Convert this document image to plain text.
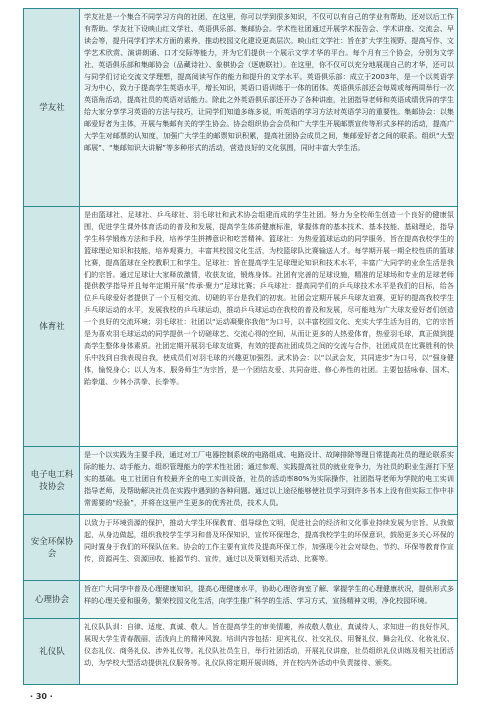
学友社	学友社是一个集合不同学习方向的社团，在这里，你可以学到很多知识，不仅可以有自己的学业有帮助，还对以后工作有帮助。学友社下设映山红文学社、英语俱乐部、集邮协会。学术性社团通过开展学术报告会、学术讲座、交流会、早读会等，提升同学们学术方面的素养，推动校园文化建设更高层次。映山红文学社：旨在扩大学生视野、提高写作、文学艺术欣赏、演讲朗诵、口才交际等能力，并为它们提供一个展示文学才华的平台。每个月有三个协会，分别为文学社、英语俱乐部和集邮协会（品藏诗社）、象棋协会（逐鹿联社）。在这里，你不仅可以充分地展现自己的才华，还可以与同学们讨论交流文学理想，提高阅读写作的能力和提升的文学水平。英语俱乐部：成立于2003年，是一个以英语学习为中心，致力于提高学生英语水平，增长知识，英语口语训练于一体的团体。英语俱乐部还会每周或每两周举行一次英语角活动，提高社员的英语对话能力。除此之外英语俱乐部还开办了各种讲座，社团指导老师和英语成绩优异的学生给大家分享学习英语的方法与技巧，让同学们知道多练多说，听英语的学习方法对英语学习的重要性。集邮协会：以集邮爱好者为主体，开展与集邮有关的学生协会。协会组织协会会员和广大学生开展邮票宣传等形式多样的活动，提高广大学生对邮票的认知度，加强广大学生的邮票知识积累，提高社团协会成员之间，集邮爱好者之间的联系。组织“大型邮展”、“集邮知识大讲解”等多种形式的活动，营造良好的文化氛围，同时丰富大学生活。
体育社	是由篮球社、足球社、乒乓球社、羽毛球社和武术协会组建而成的学生社团。努力为全校师生创造一个良好的健康氛围，促进学生课外体育活动的普及和发展，提高学生体质健康标准，掌握体育的基本技术、基本技能、基础理论，指导学生科学锻炼方法和手段，培养学生拼搏意识和吃苦精神。篮球社：为热爱篮球运动的同学服务，旨在提高我校学生的篮球理论知识和技能，培养观赛力，丰富其校园文化生活，为校篮球队比赛输送人才。每学期开展一期全校性质的篮球比赛，提高篮球在全校教职工和学生。足球社：旨在提高学生足球理论知识和技术水平，丰富广大同学的业余生活是我们的宗旨。通过足球让大家释放激情，收获友谊，锻炼身体。社团有完善的足球设施，精准的足球场和专业的足球老师提供教学指导并且每年定期开展“传承·聚力”足球比赛；乒乓球社：提高同学们的乒乓球技术水平是我们的目标，给各位乒乓球爱好者提供了一个互相交流、切磋的平台是我们的初衷。社团会定期开展乒乓球友谊赛，更好的提高我校学生乒乓球运动的水平，发展我校的乒乓球运动，推动乒乓球运动在我校的普及和发展，尽可能地为广大球友爱好者们创造一个良好的交流环境；羽毛球社：社团以“运动凝聚你我他”为口号，以丰富校园文化、充实大学生活为目的，它的宗旨是为喜欢羽毛球运动的同学提供一个切磋球艺、交流心得的空间，从而让更多的人热爱体育，热爱羽毛球，真正做到提高学生整体身体素质。社团定期开展羽毛球友谊赛，有效的提高社团成员之间的交流与合作，社团成员在比赛胜利的快乐中找到自我表现自我，使成员们对羽毛球的兴趣更加强烈。武术协会：以“以武会友，共同进步”为口号，以“强身健体，愉悦身心；以人为本，服务师生”为宗旨，是一个团结友爱、共同奋进、修心养性的社团。主要包括咏春、国术、跆拳道、少林小洪拳、长拳等。
电子电工科技协会	是一个以实践为主要手段，通过对工厂电器控制系统的电路组成、电路设计、故障排除等理日常提高社员的理论联系实际的能力、动手能力、组织管理能力的学术性社团；通过参观、实践提高社员的就业竞争力，为社员的职业生涯打下坚实的基础。电工社团自有校最齐全的电工实训设备，社员的活动率80%为实际操作，社团指导老师为学院的电工实训指导老师，及帮助解决社员在实践中遇到的各种问题。通过以上途径能够使社员学习到许多书本上没有但实际工作中非常需要的“经验”，并将在这里产生更多的优秀社员，技术人员。
安全环保协会	以致力于环境资源的保护，推动大学生环保教育、倡导绿色文明，促进社会的经济和文化事业持续发展为宗旨。从我做起，从身边做起，组织我校学生学习和普及环保知识，宣传环保理念，提高我校学生的环保意识，鼓励更多关心环保的同时置身于我们的环保队伍来。协会的工作主要有宣传及提高环保工作，加强现今社会对绿色、节约、环保等教育作宣传，资源再生、资源回收、能源节约、宣传，通过以及策划相关活动、比赛等。
心理协会	旨在广大同学中普及心理健康知识，提高心理健康水平，协助心理咨询室了解、掌握学生的心理健康状况，提供形式多样的心理关爱和服务，繁荣校园文化生活，向学生推广科学的生活、学习方式，宣扬精神文明，净化校园环境。
礼仪队	礼仪队队训：自律、适度、真诚、敬人。旨在提高学生的审美情趣，养成敬人敬业，真诚待人、求知进一的良好作风，展现大学生青春靓丽，活泼向上的精神风貌。培训内容包括：迎宾礼仪、社交礼仪、用餐礼仪、舞会礼仪、化妆礼仪、仪态礼仪、商务礼仪、涉外礼仪等。礼仪队社员生日，举行社团活动，开展礼仪讲座，社员组织礼仪训练及相关社团活动，为学校大型活动提供礼仪服务等。礼仪队将定期开展训练，并在校内外活动中负责接待、颁奖。
· 30 ·
